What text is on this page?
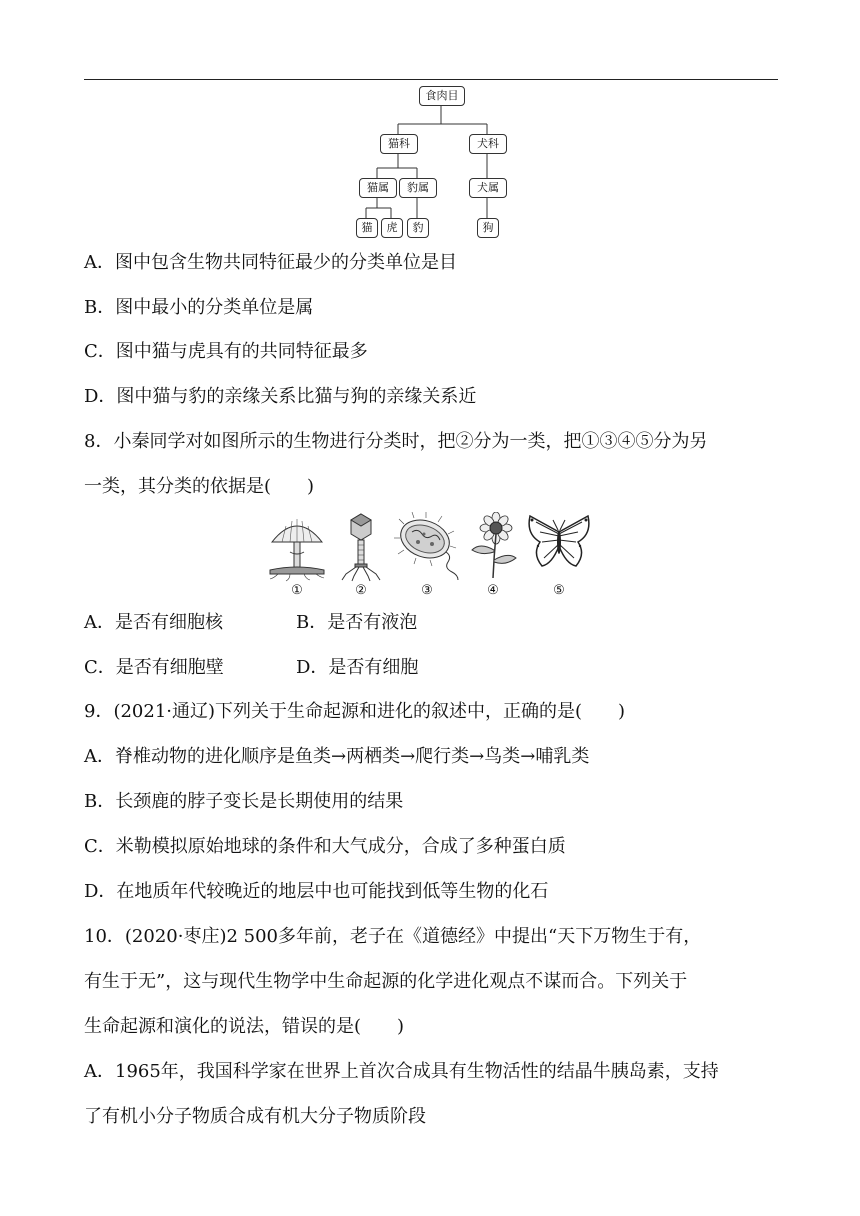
食肉目
猫科	犬科
猫属	豹属	犬属
猫	虎	豹	狗
A．图中包含生物共同特征最少的分类单位是目
B．图中最小的分类单位是属
C．图中猫与虎具有的共同特征最多
D．图中猫与豹的亲缘关系比猫与狗的亲缘关系近
8．小秦同学对如图所示的生物进行分类时，把②分为一类，把①③④⑤分为另
一类，其分类的依据是(　　)
①	②	③	④	⑤
A．是否有细胞核	B．是否有液泡
C．是否有细胞壁	D．是否有细胞
9．(2021·通辽)下列关于生命起源和进化的叙述中，正确的是(　　)
A．脊椎动物的进化顺序是鱼类→两栖类→爬行类→鸟类→哺乳类
B．长颈鹿的脖子变长是长期使用的结果
C．米勒模拟原始地球的条件和大气成分，合成了多种蛋白质
D．在地质年代较晚近的地层中也可能找到低等生物的化石
10．(2020·枣庄)2 500多年前，老子在《道德经》中提出“天下万物生于有，
有生于无”，这与现代生物学中生命起源的化学进化观点不谋而合。下列关于
生命起源和演化的说法，错误的是(　　)
A．1965年，我国科学家在世界上首次合成具有生物活性的结晶牛胰岛素，支持
了有机小分子物质合成有机大分子物质阶段
